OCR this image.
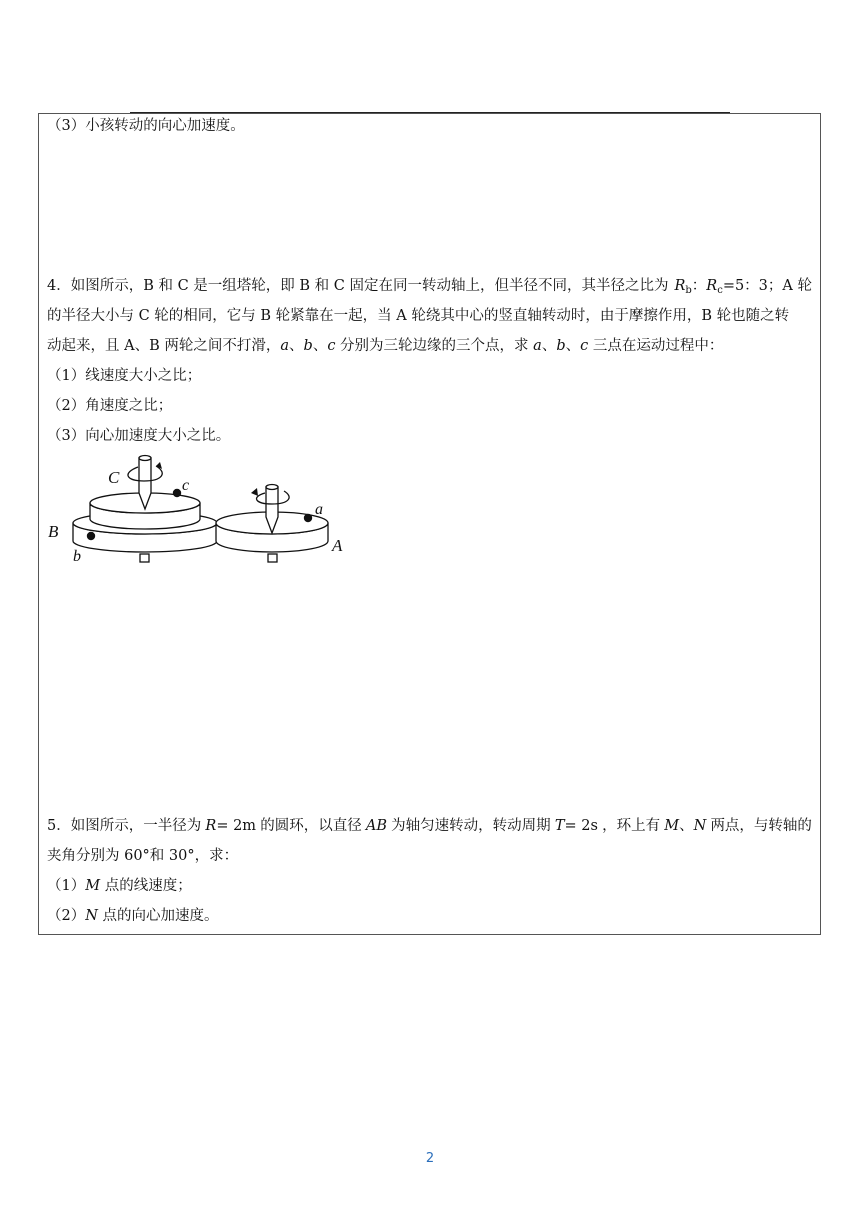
（3）小孩转动的向心加速度。
4．如图所示，B 和 C 是一组塔轮，即 B 和 C 固定在同一转动轴上，但半径不同，其半径之比为 $R_b$：$R_c=5$：3；A 轮
的半径大小与 C 轮的相同，它与 B 轮紧靠在一起，当 A 轮绕其中心的竖直轴转动时，由于摩擦作用，B 轮也随之转
动起来，且 A、B 两轮之间不打滑，a、b、c 分别为三轮边缘的三个点，求 a、b、c 三点在运动过程中：
（1）线速度大小之比；
（2）角速度之比；
（3）向心加速度大小之比。
C	c
a
B
b
A
5．如图所示，一半径为 R= 2m 的圆环，以直径 AB 为轴匀速转动，转动周期 T= 2s ，环上有 M、N 两点，与转轴的
夹角分别为 60°和 30°，求：
（1）M 点的线速度；
（2）N 点的向心加速度。
2
